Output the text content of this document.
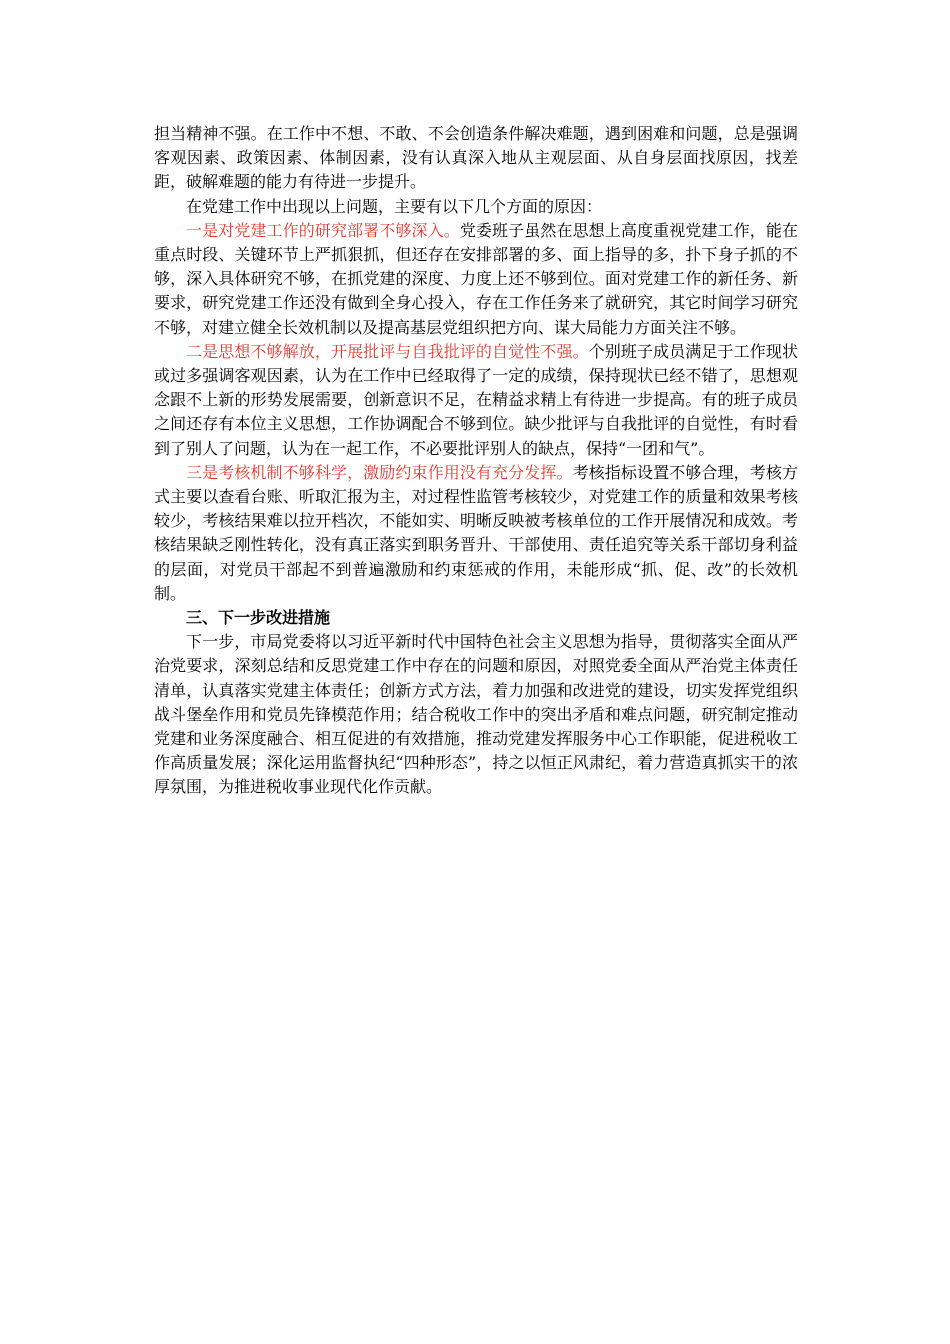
担当精神不强。在工作中不想、不敢、不会创造条件解决难题，遇到困难和问题，总是强调客观因素、政策因素、体制因素，没有认真深入地从主观层面、从自身层面找原因，找差距，破解难题的能力有待进一步提升。

在党建工作中出现以上问题，主要有以下几个方面的原因：

一是对党建工作的研究部署不够深入。党委班子虽然在思想上高度重视党建工作，能在重点时段、关键环节上严抓狠抓，但还存在安排部署的多、面上指导的多，扑下身子抓的不够，深入具体研究不够，在抓党建的深度、力度上还不够到位。面对党建工作的新任务、新要求，研究党建工作还没有做到全身心投入，存在工作任务来了就研究，其它时间学习研究不够，对建立健全长效机制以及提高基层党组织把方向、谋大局能力方面关注不够。

二是思想不够解放，开展批评与自我批评的自觉性不强。个别班子成员满足于工作现状或过多强调客观因素，认为在工作中已经取得了一定的成绩，保持现状已经不错了，思想观念跟不上新的形势发展需要，创新意识不足，在精益求精上有待进一步提高。有的班子成员之间还存有本位主义思想，工作协调配合不够到位。缺少批评与自我批评的自觉性，有时看到了别人了问题，认为在一起工作，不必要批评别人的缺点，保持“一团和气”。

三是考核机制不够科学，激励约束作用没有充分发挥。考核指标设置不够合理，考核方式主要以查看台账、听取汇报为主，对过程性监管考核较少，对党建工作的质量和效果考核较少，考核结果难以拉开档次，不能如实、明晰反映被考核单位的工作开展情况和成效。考核结果缺乏刚性转化，没有真正落实到职务晋升、干部使用、责任追究等关系干部切身利益的层面，对党员干部起不到普遍激励和约束惩戒的作用，未能形成“抓、促、改”的长效机制。

三、下一步改进措施

下一步，市局党委将以习近平新时代中国特色社会主义思想为指导，贯彻落实全面从严治党要求，深刻总结和反思党建工作中存在的问题和原因，对照党委全面从严治党主体责任清单，认真落实党建主体责任；创新方式方法，着力加强和改进党的建设，切实发挥党组织战斗堡垒作用和党员先锋模范作用；结合税收工作中的突出矛盾和难点问题，研究制定推动党建和业务深度融合、相互促进的有效措施，推动党建发挥服务中心工作职能，促进税收工作高质量发展；深化运用监督执纪“四种形态”，持之以恒正风肃纪，着力营造真抓实干的浓厚氛围，为推进税收事业现代化作贡献。
